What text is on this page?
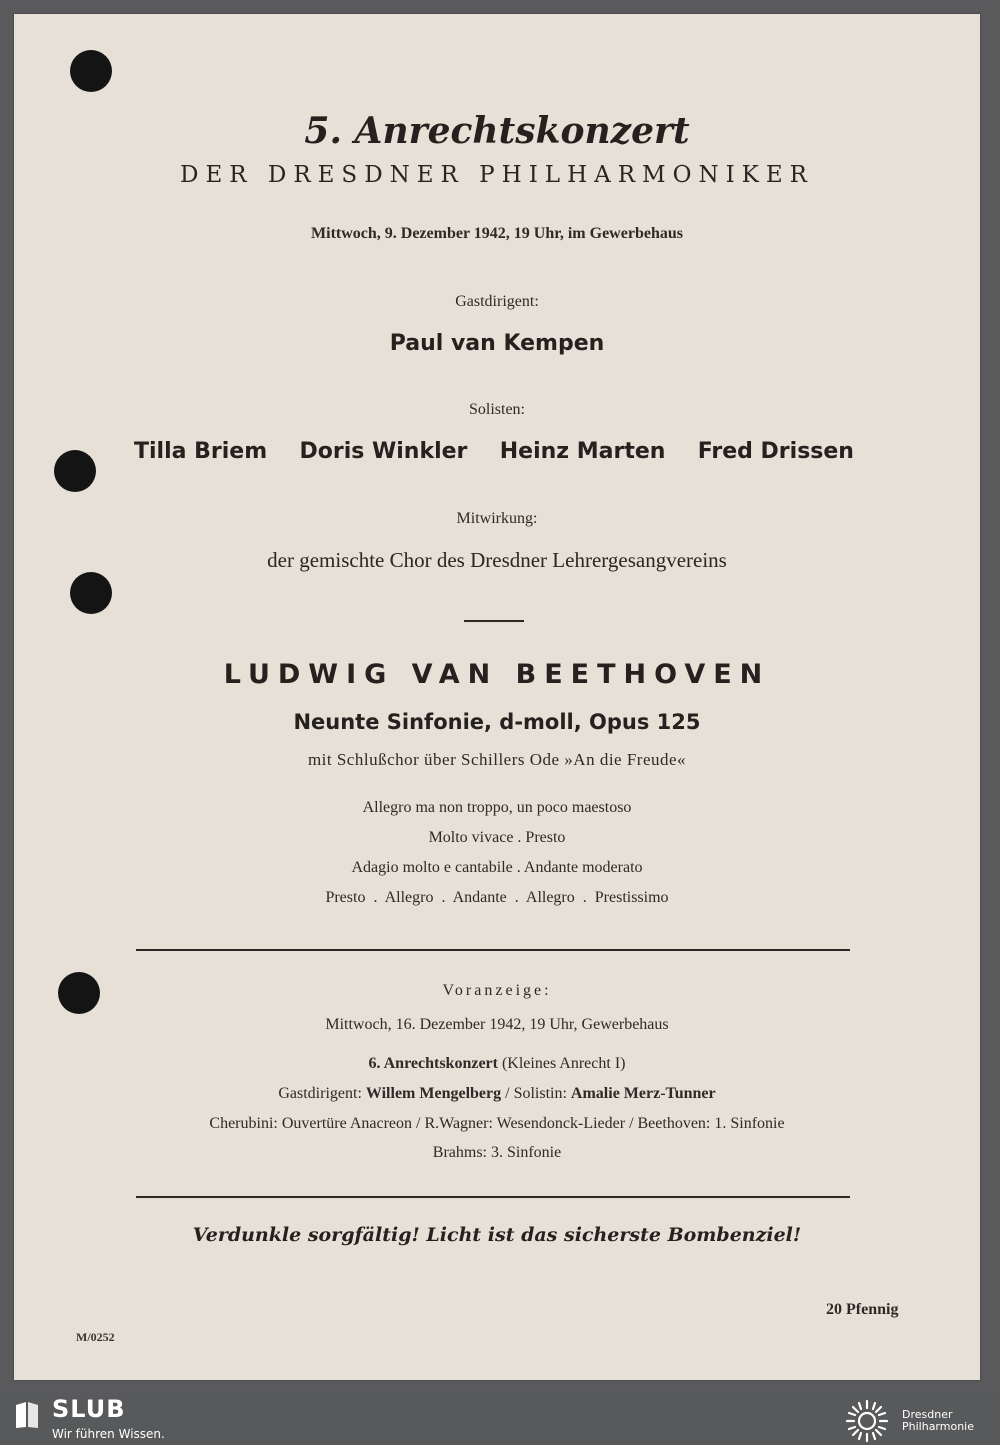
5. Anrechtskonzert
DER DRESDNER PHILHARMONIKER
Mittwoch, 9. Dezember 1942, 19 Uhr, im Gewerbehaus
Gastdirigent:
Paul van Kempen
Solisten:
Tilla Briem Doris Winkler Heinz Marten Fred Drissen
Mitwirkung:
der gemischte Chor des Dresdner Lehrergesangvereins
LUDWIG VAN BEETHOVEN
Neunte Sinfonie, d-moll, Opus 125
mit Schlußchor über Schillers Ode »An die Freude«
Allegro ma non troppo, un poco maestoso
Molto vivace . Presto
Adagio molto e cantabile . Andante moderato
Presto . Allegro . Andante . Allegro . Prestissimo
Voranzeige:
Mittwoch, 16. Dezember 1942, 19 Uhr, Gewerbehaus
6. Anrechtskonzert (Kleines Anrecht I)
Gastdirigent: Willem Mengelberg / Solistin: Amalie Merz-Tunner
Cherubini: Ouvertüre Anacreon / R.Wagner: Wesendonck-Lieder / Beethoven: 1. Sinfonie
Brahms: 3. Sinfonie
Verdunkle sorgfältig! Licht ist das sicherste Bombenziel!
20 Pfennig
M/0252
SLUB
Wir führen Wissen.
Dresdner
Philharmonie
